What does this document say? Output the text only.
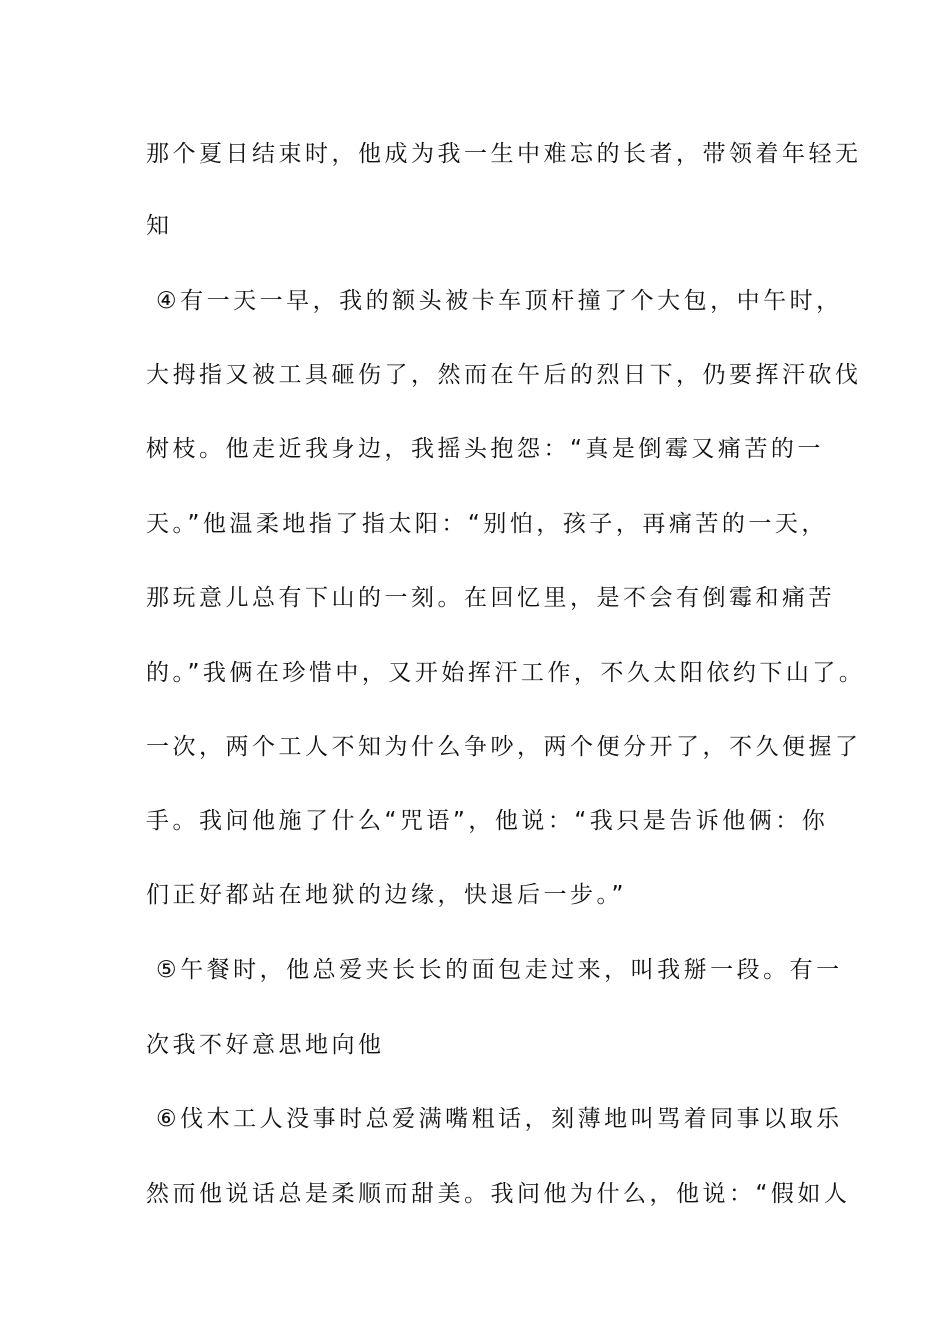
那个夏日结束时，他成为我一生中难忘的长者，带领着年轻无
知
④有一天一早，我的额头被卡车顶杆撞了个大包，中午时，
大拇指又被工具砸伤了，然而在午后的烈日下，仍要挥汗砍伐
树枝。他走近我身边，我摇头抱怨：“真是倒霉又痛苦的一
天。”他温柔地指了指太阳：“别怕，孩子，再痛苦的一天，
那玩意儿总有下山的一刻。在回忆里，是不会有倒霉和痛苦
的。”我俩在珍惜中，又开始挥汗工作，不久太阳依约下山了。
一次，两个工人不知为什么争吵，两个便分开了，不久便握了
手。我问他施了什么“咒语”，他说：“我只是告诉他俩：你
们正好都站在地狱的边缘，快退后一步。”
⑤午餐时，他总爱夹长长的面包走过来，叫我掰一段。有一
次我不好意思地向他
⑥伐木工人没事时总爱满嘴粗话，刻薄地叫骂着同事以取乐
然而他说话总是柔顺而甜美。我问他为什么，他说：“假如人
